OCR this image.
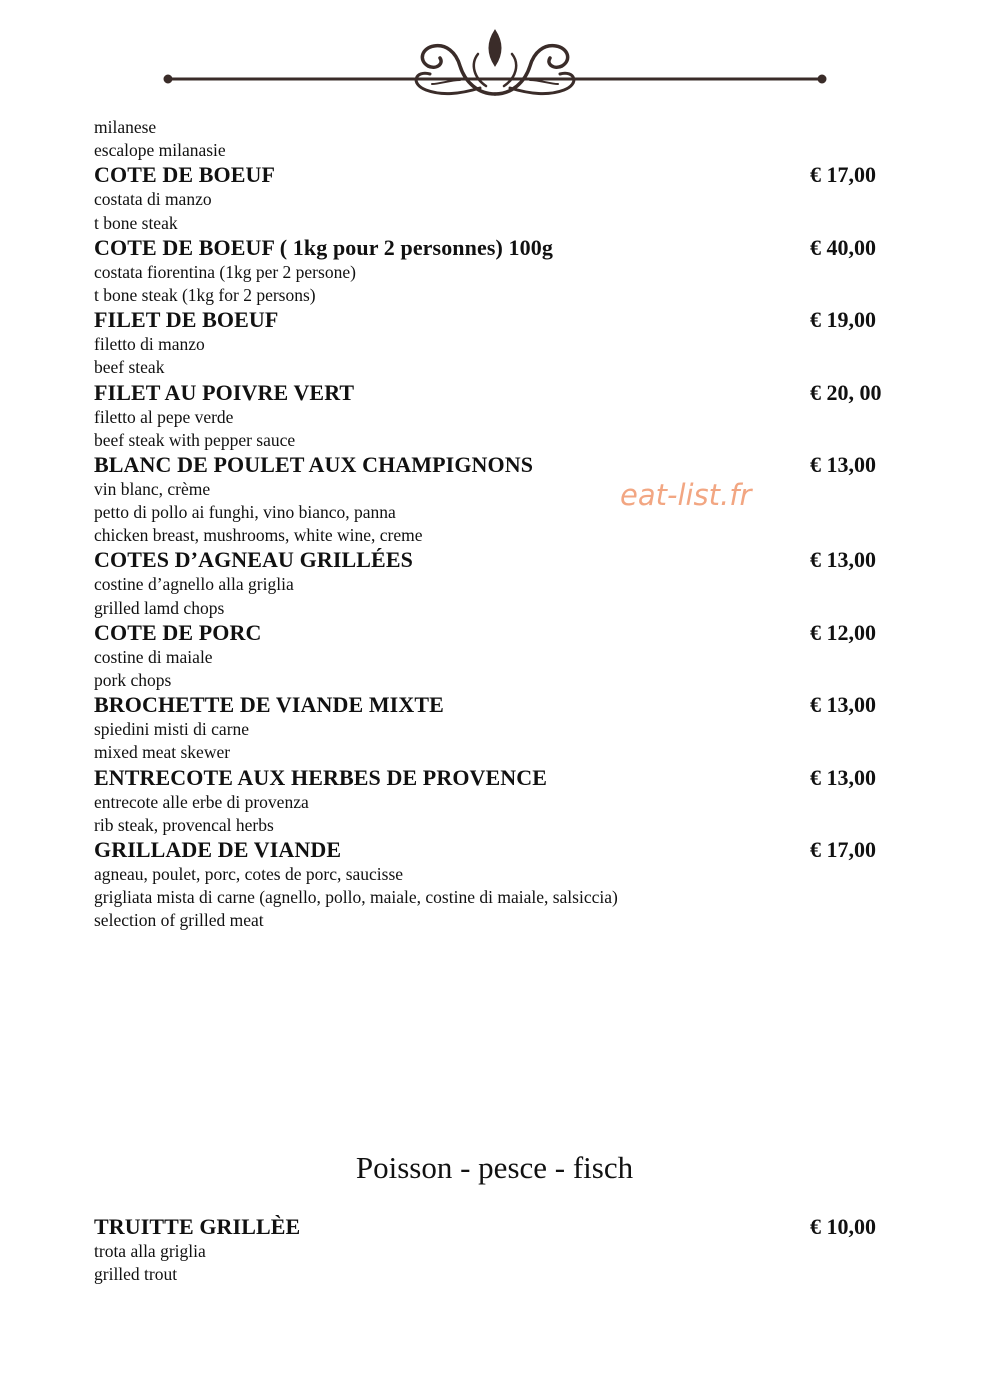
milanese
escalope milanasie
COTE DE BOEUF	€ 17,00
costata di manzo
t bone steak
COTE DE BOEUF ( 1kg pour 2 personnes) 100g	€ 40,00
costata fiorentina (1kg per 2 persone)
t bone steak (1kg for 2 persons)
FILET DE BOEUF	€ 19,00
filetto di manzo
beef steak
FILET AU POIVRE VERT	€ 20, 00
filetto al pepe verde
beef steak with pepper sauce
BLANC DE POULET AUX CHAMPIGNONS	€ 13,00
vin blanc, crème
petto di pollo ai funghi, vino bianco, panna
chicken breast, mushrooms, white wine, creme
COTES D’AGNEAU GRILLÉES	€ 13,00
costine d’agnello alla griglia
grilled lamd chops
COTE DE PORC	€ 12,00
costine di maiale
pork chops
BROCHETTE DE VIANDE MIXTE	€ 13,00
spiedini misti di carne
mixed meat skewer
ENTRECOTE AUX HERBES DE PROVENCE	€ 13,00
entrecote alle erbe di provenza
rib steak, provencal herbs
GRILLADE DE VIANDE	€ 17,00
agneau, poulet, porc, cotes de porc, saucisse
grigliata mista di carne (agnello, pollo, maiale, costine di maiale, salsiccia)
selection of grilled meat
eat-list.fr
Poisson - pesce - fisch
TRUITTE GRILLÈE	€ 10,00
trota alla griglia
grilled trout
